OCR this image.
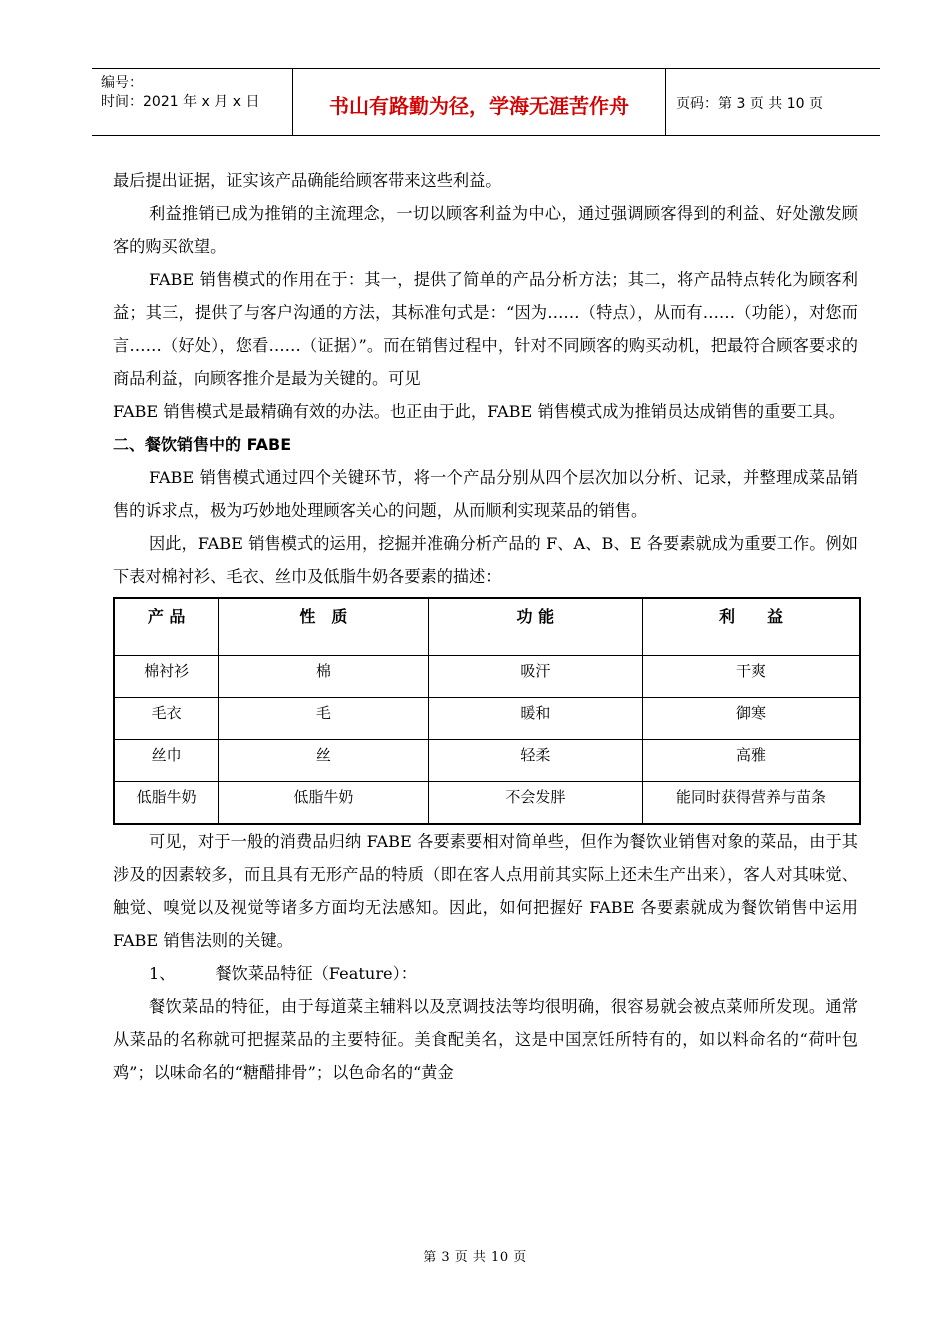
编号：
时间：2021 年 x 月 x 日	书山有路勤为径，学海无涯苦作舟	页码：第 3 页 共 10 页

最后提出证据，证实该产品确能给顾客带来这些利益。

利益推销已成为推销的主流理念，一切以顾客利益为中心，通过强调顾客得到的利益、好处激发顾客的购买欲望。

FABE 销售模式的作用在于：其一，提供了简单的产品分析方法；其二，将产品特点转化为顾客利益；其三，提供了与客户沟通的方法，其标准句式是：“因为……（特点），从而有……（功能），对您而言……（好处），您看……（证据）”。而在销售过程中，针对不同顾客的购买动机，把最符合顾客要求的商品利益，向顾客推介是最为关键的。可见

FABE 销售模式是最精确有效的办法。也正由于此，FABE 销售模式成为推销员达成销售的重要工具。

二、餐饮销售中的 FABE

FABE 销售模式通过四个关键环节，将一个产品分别从四个层次加以分析、记录，并整理成菜品销售的诉求点，极为巧妙地处理顾客关心的问题，从而顺利实现菜品的销售。

因此，FABE 销售模式的运用，挖掘并准确分析产品的 F、A、B、E 各要素就成为重要工作。例如下表对棉衬衫、毛衣、丝巾及低脂牛奶各要素的描述：

产 品	性　质	功 能	利　　益
棉衬衫	棉	吸汗	干爽
毛衣	毛	暖和	御寒
丝巾	丝	轻柔	高雅
低脂牛奶	低脂牛奶	不会发胖	能同时获得营养与苗条

可见，对于一般的消费品归纳 FABE 各要素要相对简单些，但作为餐饮业销售对象的菜品，由于其涉及的因素较多，而且具有无形产品的特质（即在客人点用前其实际上还未生产出来），客人对其味觉、触觉、嗅觉以及视觉等诸多方面均无法感知。因此，如何把握好 FABE 各要素就成为餐饮销售中运用 FABE 销售法则的关键。

1、 餐饮菜品特征（Feature）：

餐饮菜品的特征，由于每道菜主辅料以及烹调技法等均很明确，很容易就会被点菜师所发现。通常从菜品的名称就可把握菜品的主要特征。美食配美名，这是中国烹饪所特有的，如以料命名的“荷叶包鸡”；以味命名的“糖醋排骨”；以色命名的“黄金

第 3 页 共 10 页
